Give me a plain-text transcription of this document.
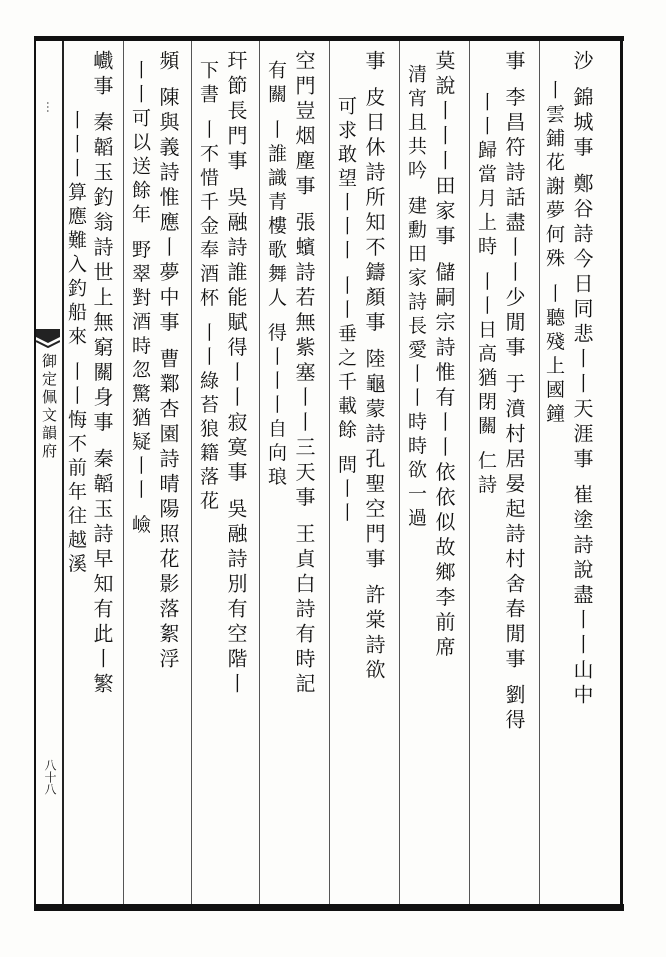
…
御定佩文韻府
八十八
沙 錦城事 鄭谷詩今日同悲丨丨天涯事 崔塗詩說盡丨丨山中
丨雲鋪花謝夢何殊 丨聽殘上國鐘
事 李昌符詩話盡丨丨少閒事 于濆村居晏起詩村舍春閒事 劉得
丨丨歸當月上時 丨丨日高猶閉關 仁詩
莫說丨丨丨田家事 儲嗣宗詩惟有丨丨依依似故鄉李前席
清宵且共吟 建勳田家詩長愛丨丨時時欲一過
事 皮日休詩所知不鑄顏事 陸龜蒙詩孔聖空門事 許棠詩欲
可求敢望丨丨丨 丨丨垂之千載餘 問丨丨
空門豈烟塵事 張蠙詩若無紫塞丨丨三天事 王貞白詩有時記
有關 丨誰識青樓歌舞人 得丨丨丨自向琅
玕節長門事 吳融詩誰能賦得丨丨寂寞事 吳融詩別有空階丨
下書 丨不惜千金奉酒杯 丨丨綠苔狼籍落花
頻 陳與義詩惟應丨夢中事 曹鄴杏園詩晴陽照花影落絮浮
丨丨可以送餘年 野翠對酒時忽驚猶疑丨丨 嶮
巇事 秦韜玉釣翁詩世上無窮關身事 秦韜玉詩早知有此丨繁
丨丨丨算應難入釣船來 丨丨悔不前年往越溪
